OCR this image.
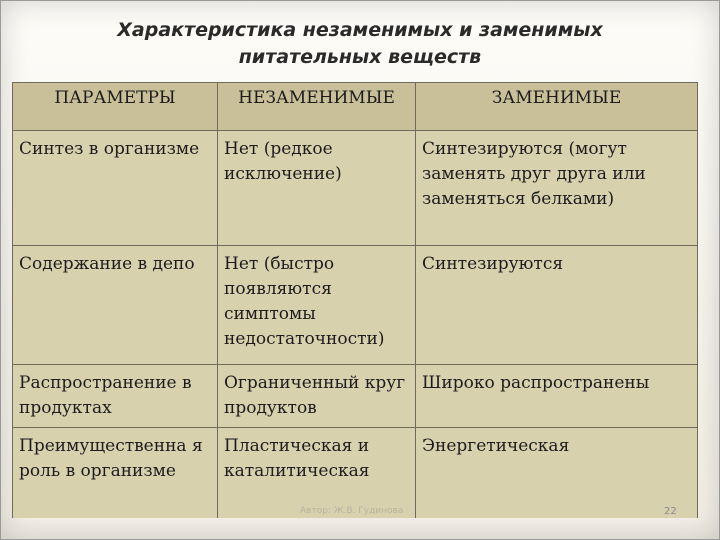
Характеристика незаменимых и заменимых
питательных веществ
ПАРАМЕТРЫ	НЕЗАМЕНИМЫЕ	ЗАМЕНИМЫЕ
Синтез в организме	Нет (редкое исключение)	Синтезируются (могут заменять друг друга или заменяться белками)
Содержание в депо	Нет (быстро появляются симптомы недостаточности)	Синтезируются
Распространение в продуктах	Ограниченный круг продуктов	Широко распространены
Преимущественна я роль в организме	Пластическая и каталитическая	Энергетическая
Автор: Ж.В. Гудинова	22
